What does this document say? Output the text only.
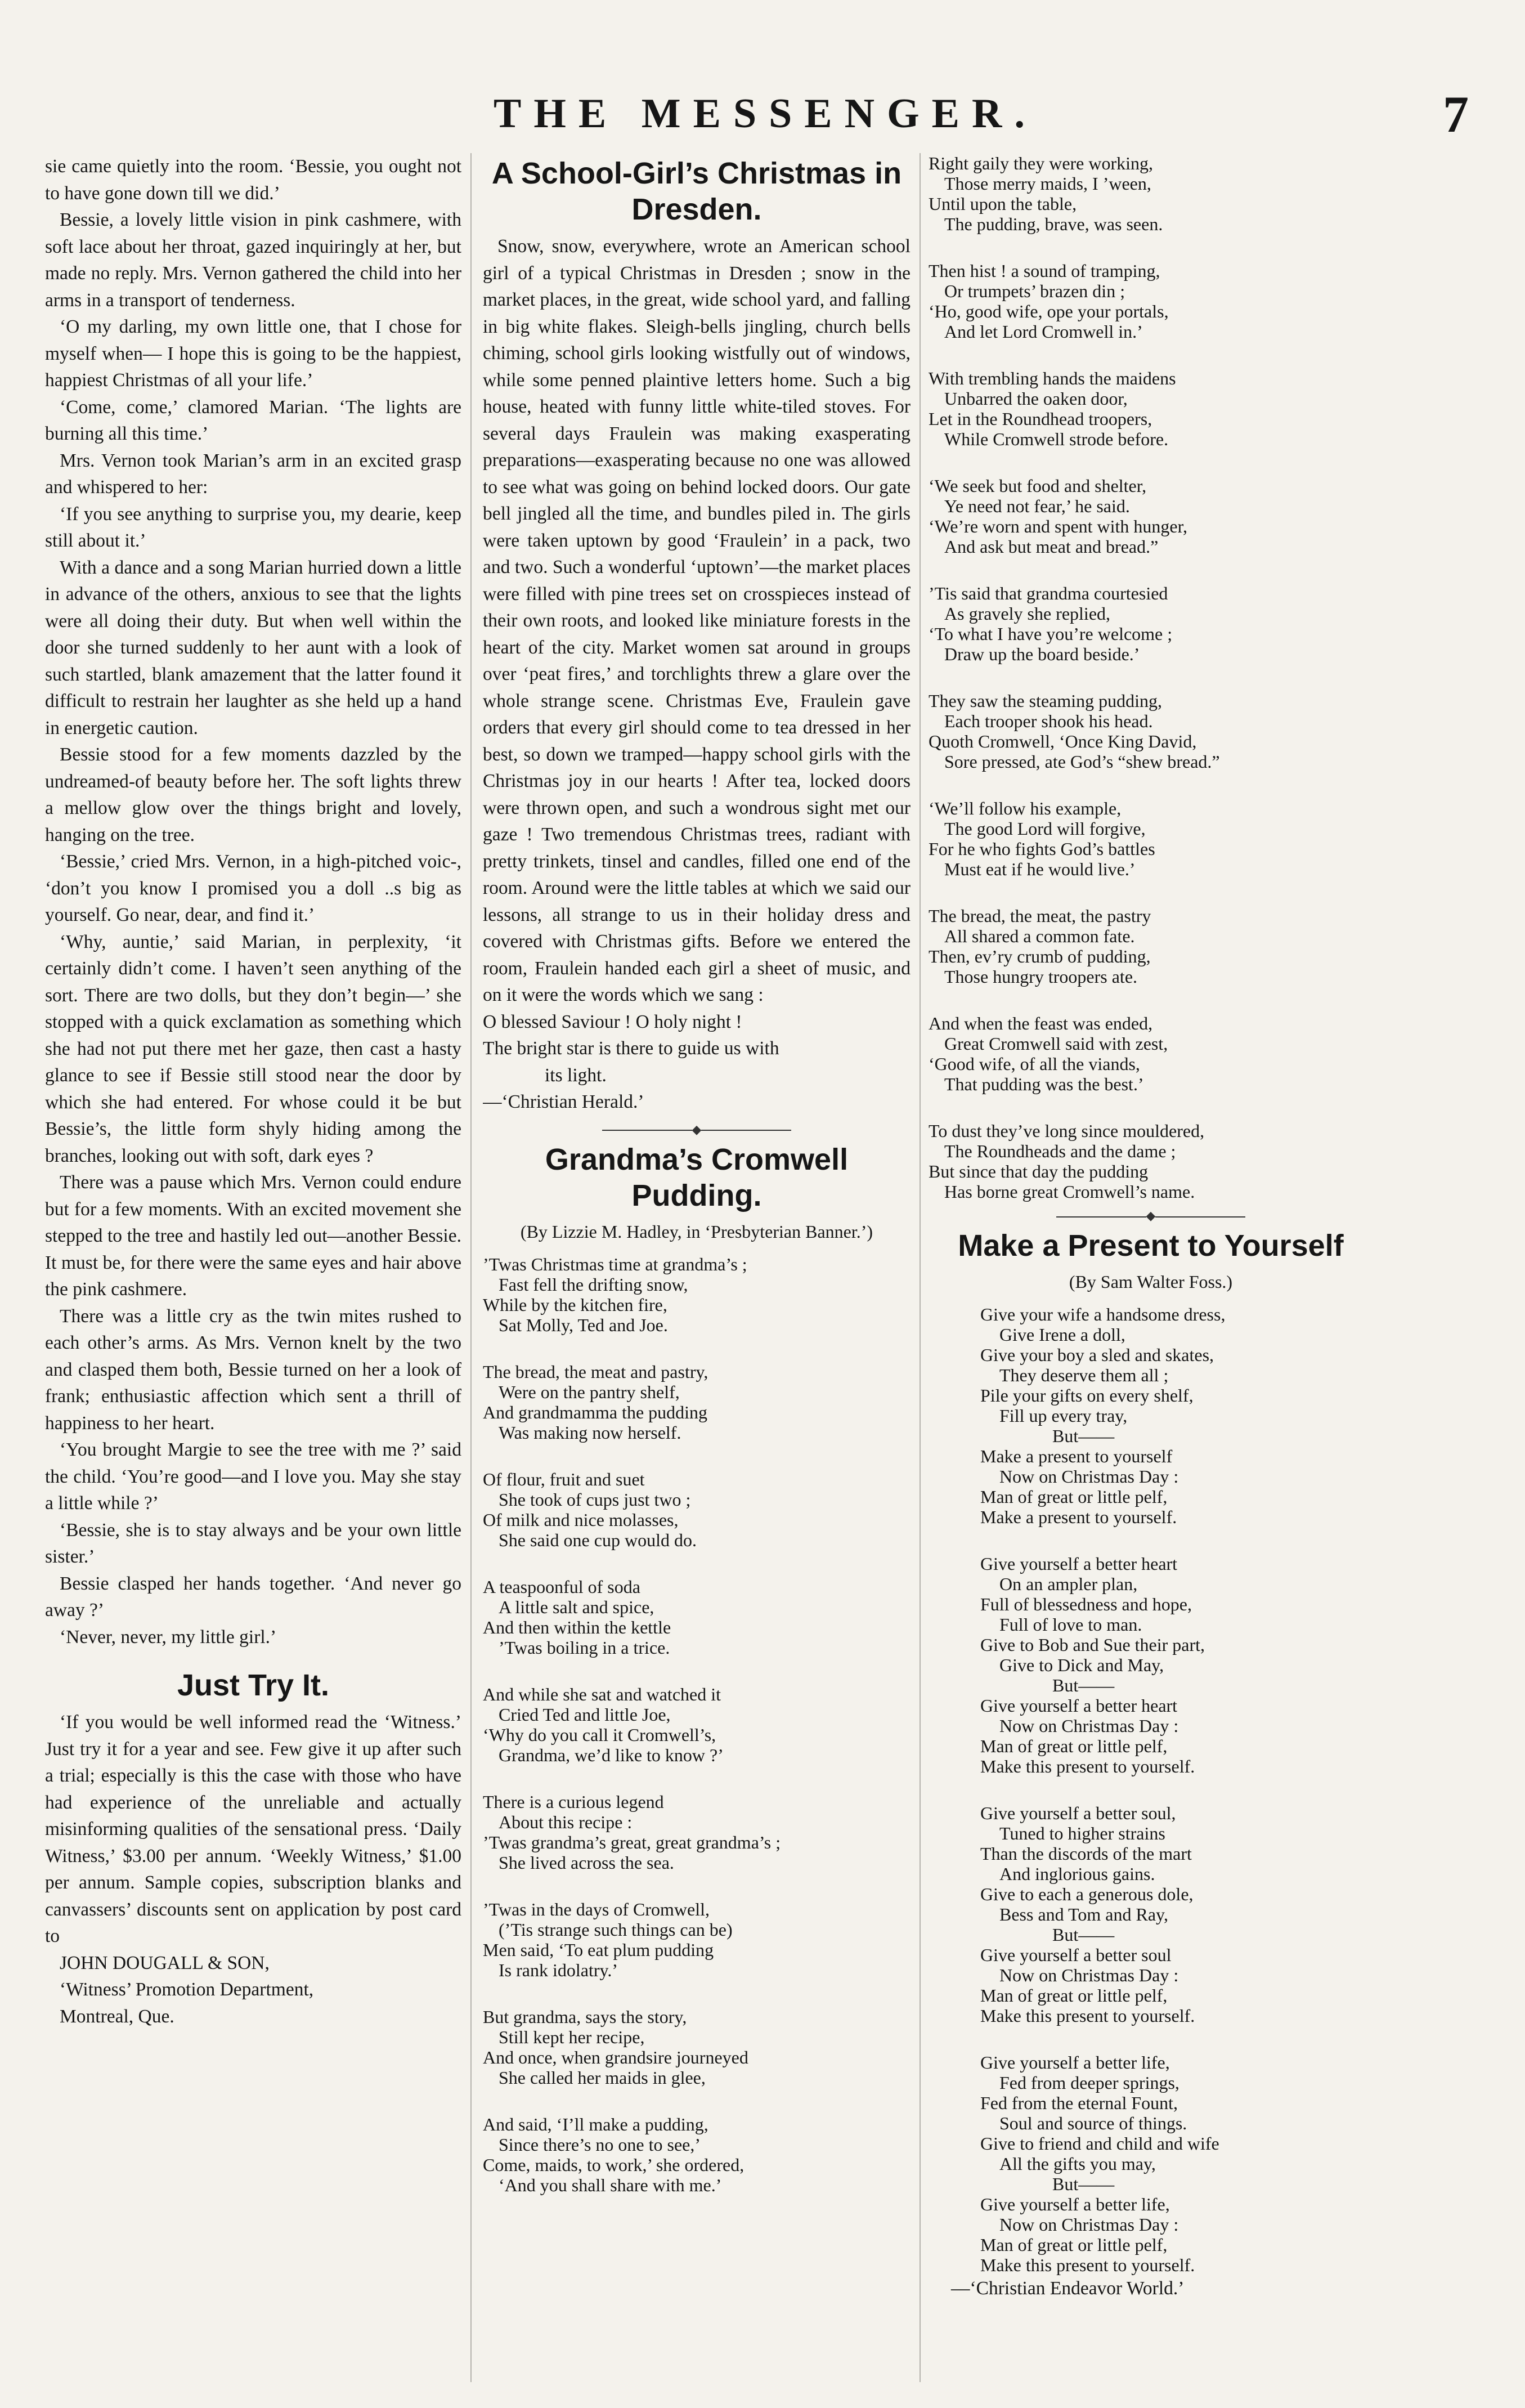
THE MESSENGER.	7

sie came quietly into the room. ‘Bessie, you ought not to have gone down till we did.’

Bessie, a lovely little vision in pink cashmere, with soft lace about her throat, gazed inquiringly at her, but made no reply. Mrs. Vernon gathered the child into her arms in a transport of tenderness.

‘O my darling, my own little one, that I chose for myself when— I hope this is going to be the happiest, happiest Christmas of all your life.’

‘Come, come,’ clamored Marian. ‘The lights are burning all this time.’

Mrs. Vernon took Marian’s arm in an excited grasp and whispered to her:

‘If you see anything to surprise you, my dearie, keep still about it.’

With a dance and a song Marian hurried down a little in advance of the others, anxious to see that the lights were all doing their duty. But when well within the door she turned suddenly to her aunt with a look of such startled, blank amazement that the latter found it difficult to restrain her laughter as she held up a hand in energetic caution.

Bessie stood for a few moments dazzled by the undreamed-of beauty before her. The soft lights threw a mellow glow over the things bright and lovely, hanging on the tree.

‘Bessie,’ cried Mrs. Vernon, in a high-pitched voic-, ‘don’t you know I promised you a doll ..s big as yourself. Go near, dear, and find it.’

‘Why, auntie,’ said Marian, in perplexity, ‘it certainly didn’t come. I haven’t seen anything of the sort. There are two dolls, but they don’t begin—’ she stopped with a quick exclamation as something which she had not put there met her gaze, then cast a hasty glance to see if Bessie still stood near the door by which she had entered. For whose could it be but Bessie’s, the little form shyly hiding among the branches, looking out with soft, dark eyes ?

There was a pause which Mrs. Vernon could endure but for a few moments. With an excited movement she stepped to the tree and hastily led out—another Bessie. It must be, for there were the same eyes and hair above the pink cashmere.

There was a little cry as the twin mites rushed to each other’s arms. As Mrs. Vernon knelt by the two and clasped them both, Bessie turned on her a look of frank; enthusiastic affection which sent a thrill of happiness to her heart.

‘You brought Margie to see the tree with me ?’ said the child. ‘You’re good—and I love you. May she stay a little while ?’

‘Bessie, she is to stay always and be your own little sister.’

Bessie clasped her hands together. ‘And never go away ?’

‘Never, never, my little girl.’

Just Try It.

‘If you would be well informed read the ‘Witness.’ Just try it for a year and see. Few give it up after such a trial; especially is this the case with those who have had experience of the unreliable and actually misinforming qualities of the sensational press. ‘Daily Witness,’ $3.00 per annum. ‘Weekly Witness,’ $1.00 per annum. Sample copies, subscription blanks and canvassers’ discounts sent on application by post card to

JOHN DOUGALL & SON,

‘Witness’ Promotion Department,

Montreal, Que.

A School-Girl’s Christmas in Dresden.

Snow, snow, everywhere, wrote an American school girl of a typical Christmas in Dresden ; snow in the market places, in the great, wide school yard, and falling in big white flakes. Sleigh-bells jingling, church bells chiming, school girls looking wistfully out of windows, while some penned plaintive letters home. Such a big house, heated with funny little white-tiled stoves. For several days Fraulein was making exasperating preparations—exasperating because no one was allowed to see what was going on behind locked doors. Our gate bell jingled all the time, and bundles piled in. The girls were taken uptown by good ‘Fraulein’ in a pack, two and two. Such a wonderful ‘uptown’—the market places were filled with pine trees set on crosspieces instead of their own roots, and looked like miniature forests in the heart of the city. Market women sat around in groups over ‘peat fires,’ and torchlights threw a glare over the whole strange scene. Christmas Eve, Fraulein gave orders that every girl should come to tea dressed in her best, so down we tramped—happy school girls with the Christmas joy in our hearts ! After tea, locked doors were thrown open, and such a wondrous sight met our gaze ! Two tremendous Christmas trees, radiant with pretty trinkets, tinsel and candles, filled one end of the room. Around were the little tables at which we said our lessons, all strange to us in their holiday dress and covered with Christmas gifts. Before we entered the room, Fraulein handed each girl a sheet of music, and on it were the words which we sang :

O blessed Saviour ! O holy night !

The bright star is there to guide us with

its light.

—‘Christian Herald.’

◆
Grandma’s Cromwell Pudding.
(By Lizzie M. Hadley, in ‘Presbyterian Banner.’)
’Twas Christmas time at grandma’s ;
Fast fell the drifting snow,
While by the kitchen fire,
Sat Molly, Ted and Joe.
The bread, the meat and pastry,
Were on the pantry shelf,
And grandmamma the pudding
Was making now herself.
Of flour, fruit and suet
She took of cups just two ;
Of milk and nice molasses,
She said one cup would do.
A teaspoonful of soda
A little salt and spice,
And then within the kettle
’Twas boiling in a trice.
And while she sat and watched it
Cried Ted and little Joe,
‘Why do you call it Cromwell’s,
Grandma, we’d like to know ?’
There is a curious legend
About this recipe :
’Twas grandma’s great, great grandma’s ;
She lived across the sea.
’Twas in the days of Cromwell,
(’Tis strange such things can be)
Men said, ‘To eat plum pudding
Is rank idolatry.’
But grandma, says the story,
Still kept her recipe,
And once, when grandsire journeyed
She called her maids in glee,
And said, ‘I’ll make a pudding,
Since there’s no one to see,’
Come, maids, to work,’ she ordered,
‘And you shall share with me.’
Right gaily they were working,
Those merry maids, I ’ween,
Until upon the table,
The pudding, brave, was seen.
Then hist ! a sound of tramping,
Or trumpets’ brazen din ;
‘Ho, good wife, ope your portals,
And let Lord Cromwell in.’
With trembling hands the maidens
Unbarred the oaken door,
Let in the Roundhead troopers,
While Cromwell strode before.
‘We seek but food and shelter,
Ye need not fear,’ he said.
‘We’re worn and spent with hunger,
And ask but meat and bread.”
’Tis said that grandma courtesied
As gravely she replied,
‘To what I have you’re welcome ;
Draw up the board beside.’
They saw the steaming pudding,
Each trooper shook his head.
Quoth Cromwell, ‘Once King David,
Sore pressed, ate God’s “shew bread.”
‘We’ll follow his example,
The good Lord will forgive,
For he who fights God’s battles
Must eat if he would live.’
The bread, the meat, the pastry
All shared a common fate.
Then, ev’ry crumb of pudding,
Those hungry troopers ate.
And when the feast was ended,
Great Cromwell said with zest,
‘Good wife, of all the viands,
That pudding was the best.’
To dust they’ve long since mouldered,
The Roundheads and the dame ;
But since that day the pudding
Has borne great Cromwell’s name.
◆
Make a Present to Yourself
(By Sam Walter Foss.)
Give your wife a handsome dress,
Give Irene a doll,
Give your boy a sled and skates,
They deserve them all ;
Pile your gifts on every shelf,
Fill up every tray,
But——
Make a present to yourself
Now on Christmas Day :
Man of great or little pelf,
Make a present to yourself.
Give yourself a better heart
On an ampler plan,
Full of blessedness and hope,
Full of love to man.
Give to Bob and Sue their part,
Give to Dick and May,
But——
Give yourself a better heart
Now on Christmas Day :
Man of great or little pelf,
Make this present to yourself.
Give yourself a better soul,
Tuned to higher strains
Than the discords of the mart
And inglorious gains.
Give to each a generous dole,
Bess and Tom and Ray,
But——
Give yourself a better soul
Now on Christmas Day :
Man of great or little pelf,
Make this present to yourself.
Give yourself a better life,
Fed from deeper springs,
Fed from the eternal Fount,
Soul and source of things.
Give to friend and child and wife
All the gifts you may,
But——
Give yourself a better life,
Now on Christmas Day :
Man of great or little pelf,
Make this present to yourself.

—‘Christian Endeavor World.’
